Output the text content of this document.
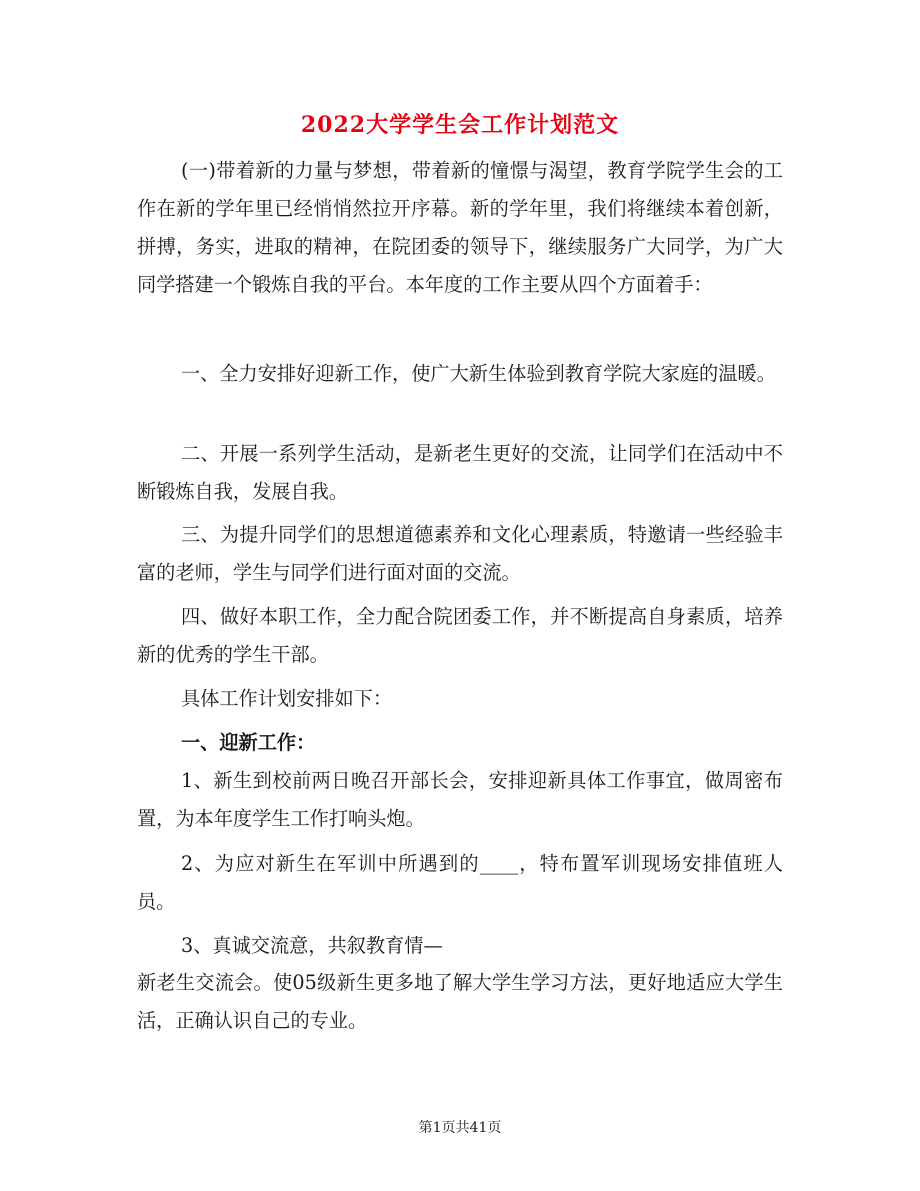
2022大学学生会工作计划范文

(一)带着新的力量与梦想，带着新的憧憬与渴望，教育学院学生会的工作在新的学年里已经悄悄然拉开序幕。新的学年里，我们将继续本着创新，拼搏，务实，进取的精神，在院团委的领导下，继续服务广大同学，为广大同学搭建一个锻炼自我的平台。本年度的工作主要从四个方面着手：

一、全力安排好迎新工作，使广大新生体验到教育学院大家庭的温暖。

二、开展一系列学生活动，是新老生更好的交流，让同学们在活动中不断锻炼自我，发展自我。

三、为提升同学们的思想道德素养和文化心理素质，特邀请一些经验丰富的老师，学生与同学们进行面对面的交流。

四、做好本职工作，全力配合院团委工作，并不断提高自身素质，培养新的优秀的学生干部。

具体工作计划安排如下：

一、迎新工作：

1、新生到校前两日晚召开部长会，安排迎新具体工作事宜，做周密布置，为本年度学生工作打响头炮。

2、为应对新生在军训中所遇到的____，特布置军训现场安排值班人员。

3、真诚交流意，共叙教育情—

新老生交流会。使05级新生更多地了解大学生学习方法，更好地适应大学生活，正确认识自己的专业。

第1页共41页
